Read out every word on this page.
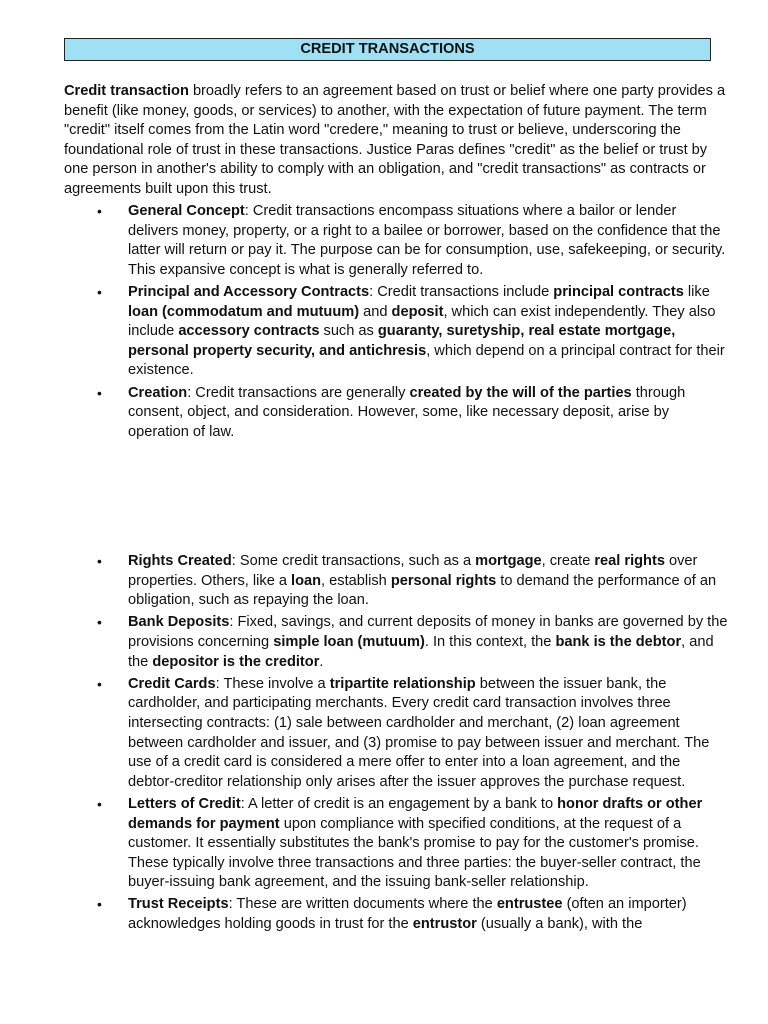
CREDIT TRANSACTIONS

Credit transaction broadly refers to an agreement based on trust or belief where one party provides a benefit (like money, goods, or services) to another, with the expectation of future payment. The term "credit" itself comes from the Latin word "credere," meaning to trust or believe, underscoring the foundational role of trust in these transactions. Justice Paras defines "credit" as the belief or trust by one person in another's ability to comply with an obligation, and "credit transactions" as contracts or agreements built upon this trust.

• General Concept: Credit transactions encompass situations where a bailor or lender delivers money, property, or a right to a bailee or borrower, based on the confidence that the latter will return or pay it. The purpose can be for consumption, use, safekeeping, or security. This expansive concept is what is generally referred to.
• Principal and Accessory Contracts: Credit transactions include principal contracts like loan (commodatum and mutuum) and deposit, which can exist independently. They also include accessory contracts such as guaranty, suretyship, real estate mortgage, personal property security, and antichresis, which depend on a principal contract for their existence.
• Creation: Credit transactions are generally created by the will of the parties through consent, object, and consideration. However, some, like necessary deposit, arise by operation of law.
• Rights Created: Some credit transactions, such as a mortgage, create real rights over properties. Others, like a loan, establish personal rights to demand the performance of an obligation, such as repaying the loan.
• Bank Deposits: Fixed, savings, and current deposits of money in banks are governed by the provisions concerning simple loan (mutuum). In this context, the bank is the debtor, and the depositor is the creditor.
• Credit Cards: These involve a tripartite relationship between the issuer bank, the cardholder, and participating merchants. Every credit card transaction involves three intersecting contracts: (1) sale between cardholder and merchant, (2) loan agreement between cardholder and issuer, and (3) promise to pay between issuer and merchant. The use of a credit card is considered a mere offer to enter into a loan agreement, and the debtor-creditor relationship only arises after the issuer approves the purchase request.
• Letters of Credit: A letter of credit is an engagement by a bank to honor drafts or other demands for payment upon compliance with specified conditions, at the request of a customer. It essentially substitutes the bank's promise to pay for the customer's promise. These typically involve three transactions and three parties: the buyer-seller contract, the buyer-issuing bank agreement, and the issuing bank-seller relationship.
• Trust Receipts: These are written documents where the entrustee (often an importer) acknowledges holding goods in trust for the entrustor (usually a bank), with the
